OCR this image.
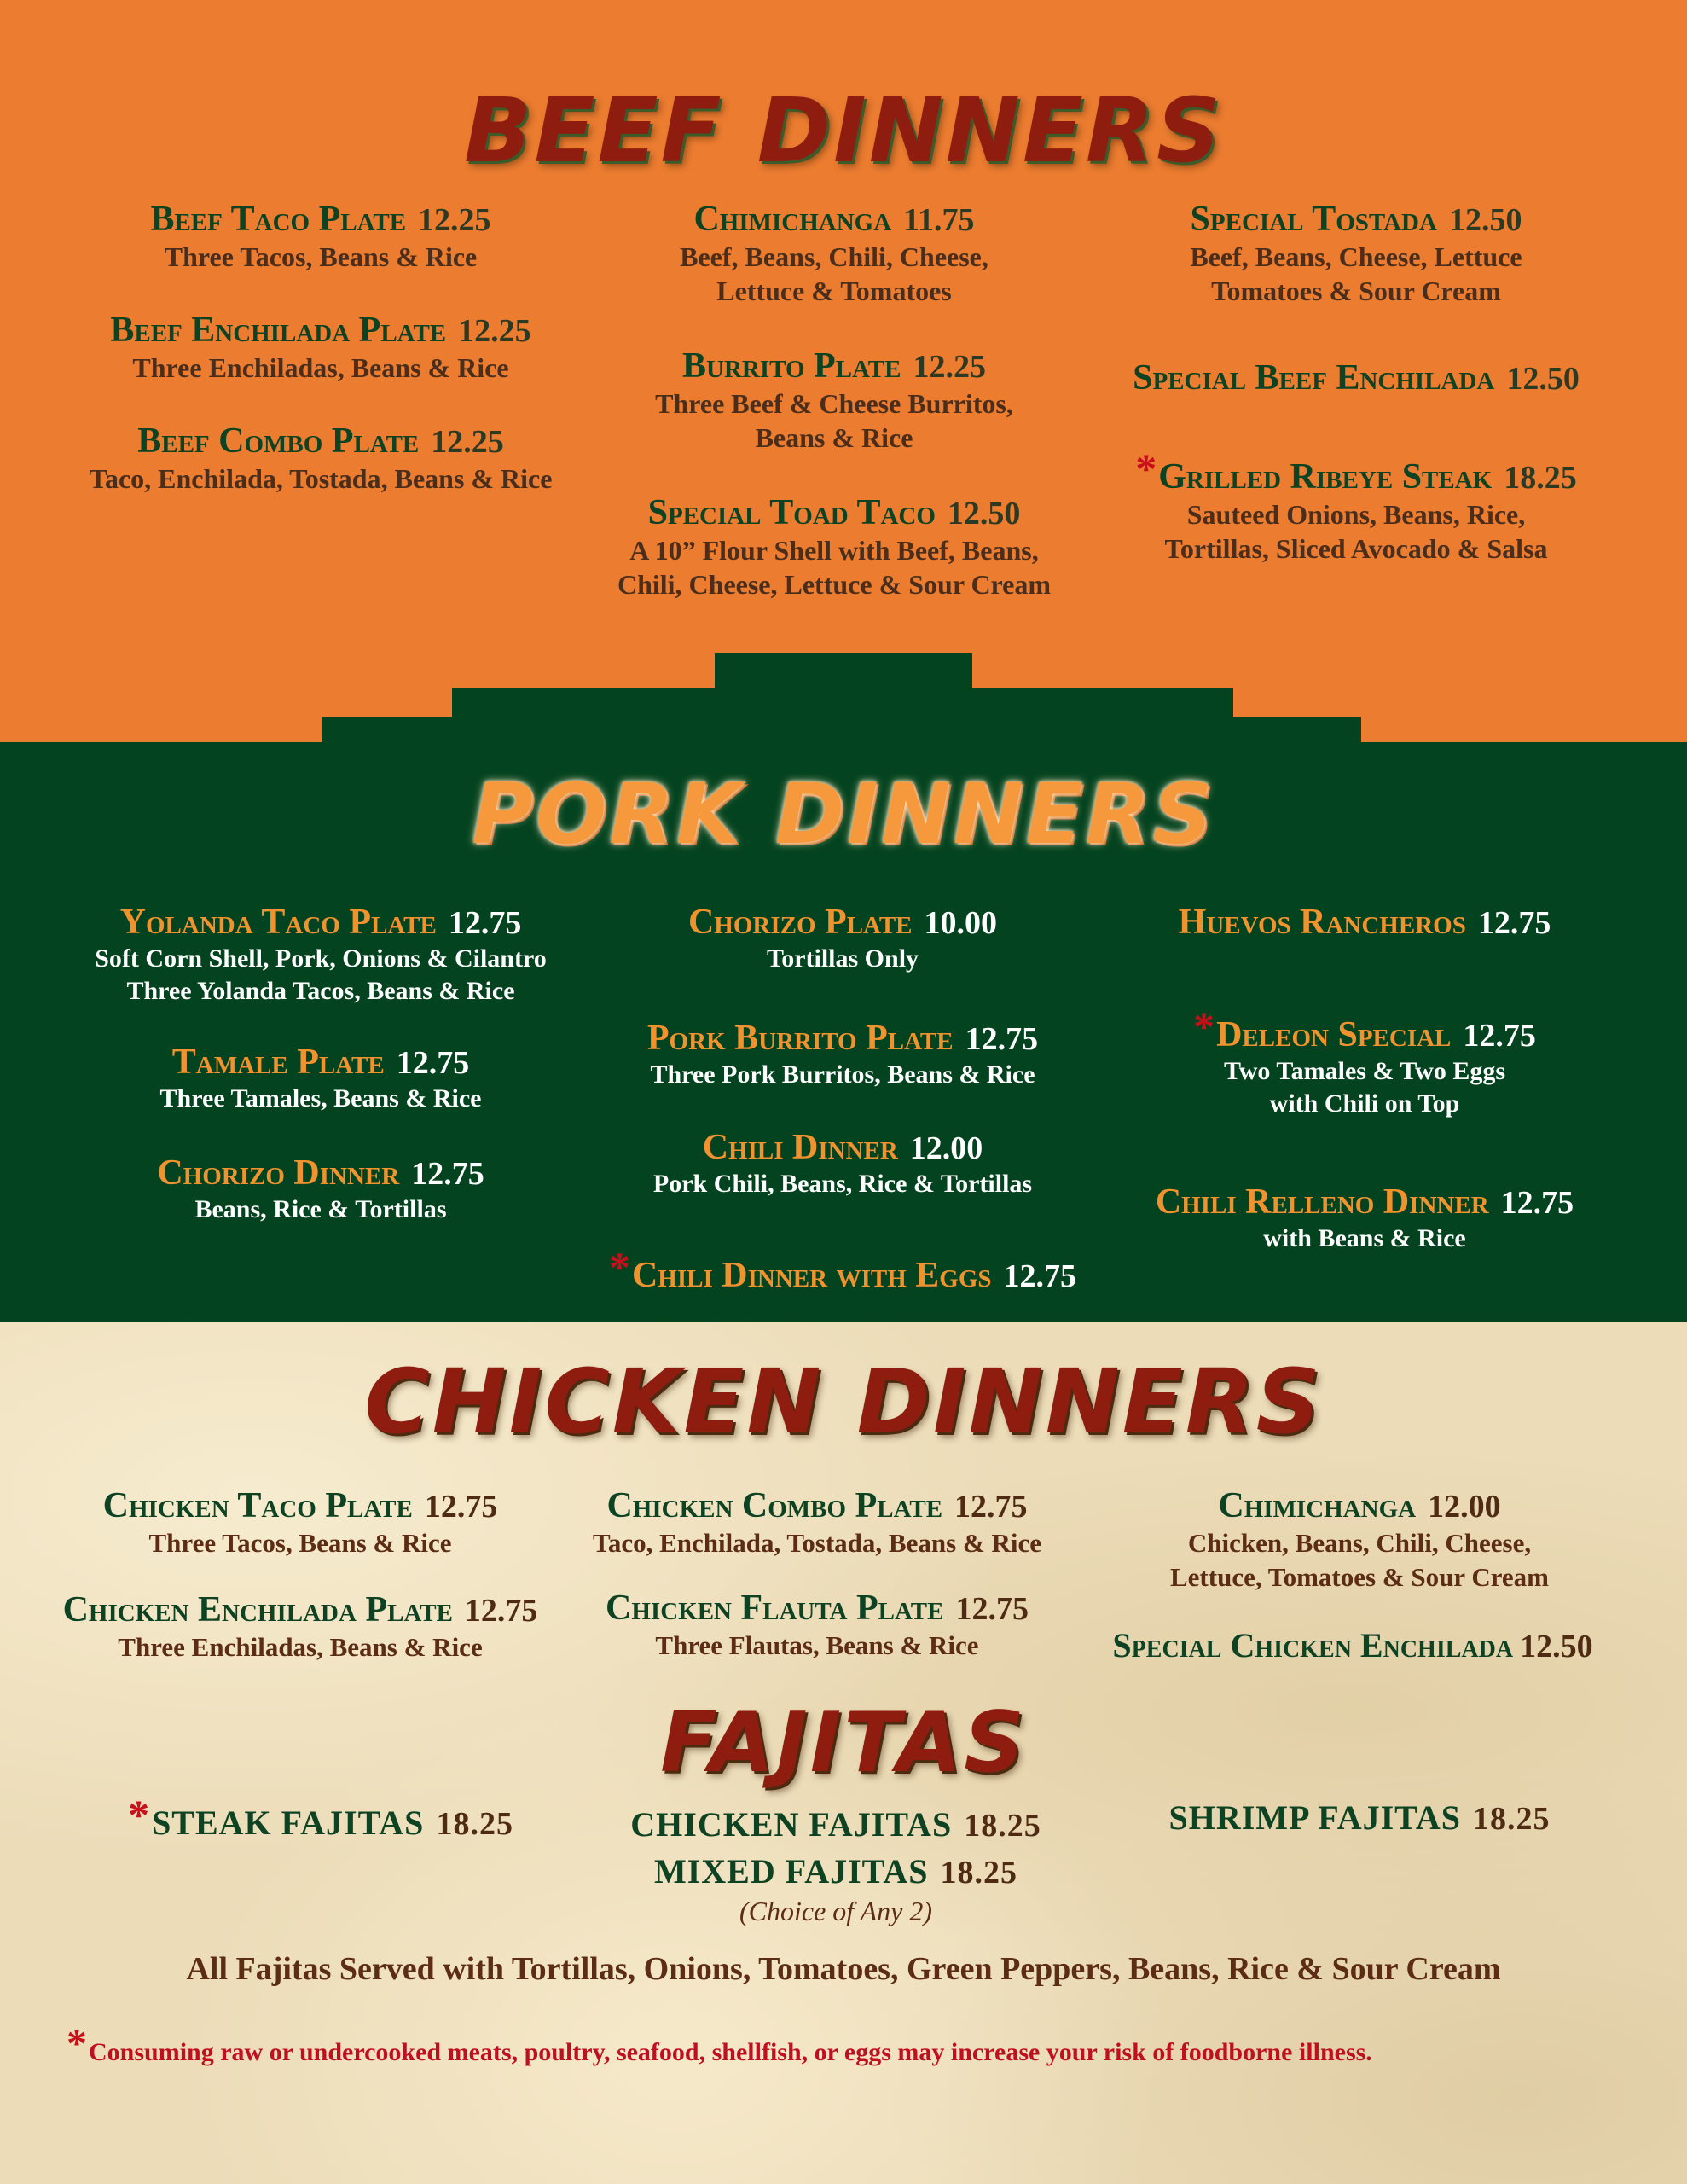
BEEF DINNERS
Beef Taco Plate 12.25
Three Tacos, Beans & Rice
Beef Enchilada Plate 12.25
Three Enchiladas, Beans & Rice
Beef Combo Plate 12.25
Taco, Enchilada, Tostada, Beans & Rice
Chimichanga 11.75
Beef, Beans, Chili, Cheese,
Lettuce & Tomatoes
Burrito Plate 12.25
Three Beef & Cheese Burritos,
Beans & Rice
Special Toad Taco 12.50
A 10” Flour Shell with Beef, Beans,
Chili, Cheese, Lettuce & Sour Cream
Special Tostada 12.50
Beef, Beans, Cheese, Lettuce
Tomatoes & Sour Cream
Special Beef Enchilada 12.50
*Grilled Ribeye Steak 18.25
Sauteed Onions, Beans, Rice,
Tortillas, Sliced Avocado & Salsa
PORK DINNERS
Yolanda Taco Plate 12.75
Soft Corn Shell, Pork, Onions & Cilantro
Three Yolanda Tacos, Beans & Rice
Tamale Plate 12.75
Three Tamales, Beans & Rice
Chorizo Dinner 12.75
Beans, Rice & Tortillas
Chorizo Plate 10.00
Tortillas Only
Pork Burrito Plate 12.75
Three Pork Burritos, Beans & Rice
Chili Dinner 12.00
Pork Chili, Beans, Rice & Tortillas
*Chili Dinner with Eggs 12.75
Huevos Rancheros 12.75
*Deleon Special 12.75
Two Tamales & Two Eggs
with Chili on Top
Chili Relleno Dinner 12.75
with Beans & Rice
CHICKEN DINNERS
Chicken Taco Plate 12.75
Three Tacos, Beans & Rice
Chicken Enchilada Plate 12.75
Three Enchiladas, Beans & Rice
Chicken Combo Plate 12.75
Taco, Enchilada, Tostada, Beans & Rice
Chicken Flauta Plate 12.75
Three Flautas, Beans & Rice
Chimichanga 12.00
Chicken, Beans, Chili, Cheese,
Lettuce, Tomatoes & Sour Cream
Special Chicken Enchilada 12.50
FAJITAS
*STEAK FAJITAS 18.25	CHICKEN FAJITAS 18.25
MIXED FAJITAS 18.25
(Choice of Any 2)
SHRIMP FAJITAS 18.25
All Fajitas Served with Tortillas, Onions, Tomatoes, Green Peppers, Beans, Rice & Sour Cream
*Consuming raw or undercooked meats, poultry, seafood, shellfish, or eggs may increase your risk of foodborne illness.
